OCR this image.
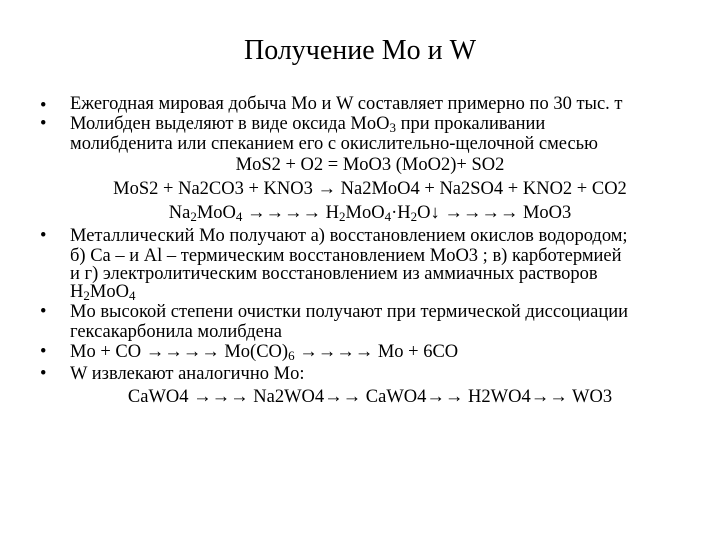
Получение Mo и W
•	Ежегодная мировая добыча Mo и W составляет примерно по 30 тыс. т
•	Молибден выделяют в виде оксида MoO$_3$ при прокаливании
молибденита или спеканием его с окислительно-щелочной смесью
MoS2 + O2 = MoO3 (MoO2)+ SO2
MoS2 + Na2CO3 + KNO3 → Na2MoO4 + Na2SO4 + KNO2 + CO2
$Na_2MoO_4$ →→→→ $H_2MoO_4\cdot H_2O↓$ →→→→ MoO3
•	Металлический Mo получают а) восстановлением окислов водородом;
б) Ca – и Al – термическим восстановлением MoO3 ; в) карботермией
и г) электролитическим восстановлением из аммиачных растворов
$H_2MoO_4$
•	Mo высокой степени очистки получают при термической диссоциации
гексакарбонила молибдена
•	Mo + CO →→→→ $Mo(CO)_6$ →→→→ Mo + 6CO
•	W извлекают аналогично Mo:
CaWO4 →→→ Na2WO4→→ CaWO4→→ H2WO4→→ WO3
